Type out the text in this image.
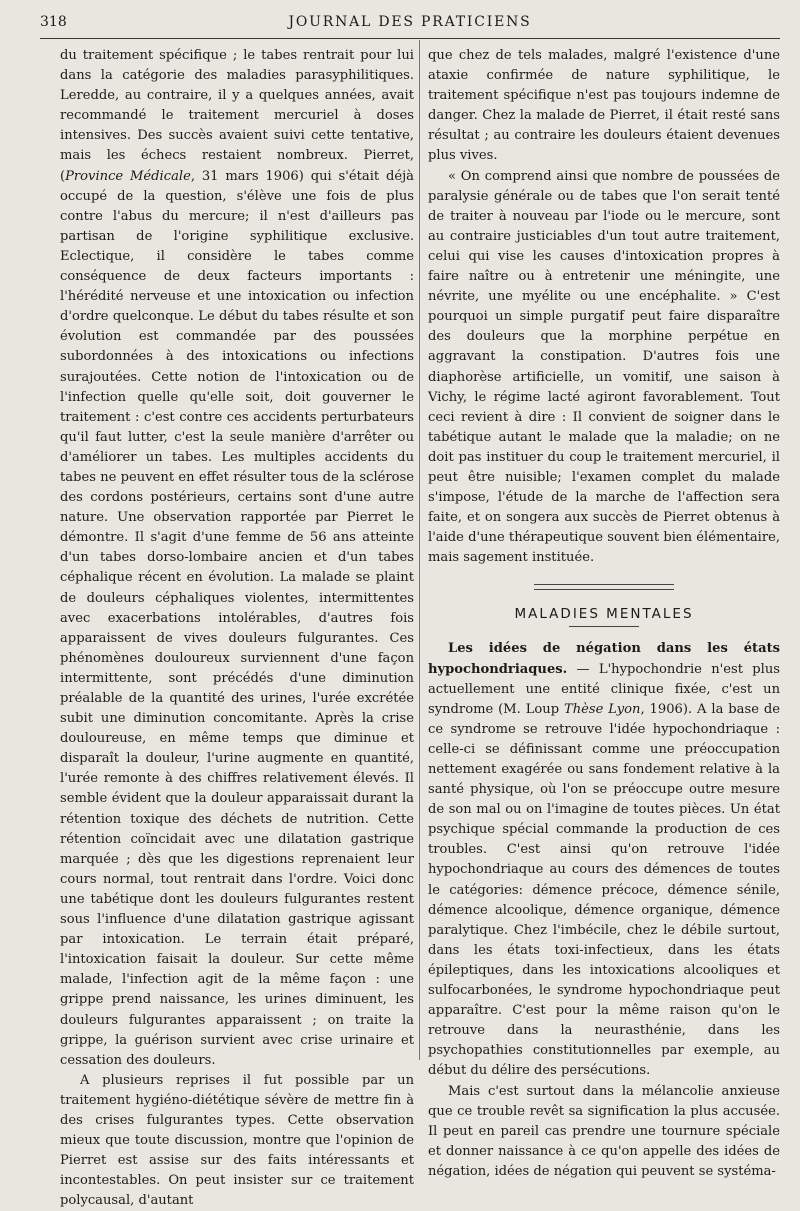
318	JOURNAL DES PRATICIENS

du traitement spécifique ; le tabes rentrait pour lui dans la catégorie des maladies parasyphilitiques. Leredde, au contraire, il y a quelques années, avait recommandé le traitement mercuriel à doses intensives. Des succès avaient suivi cette tentative, mais les échecs restaient nombreux. Pierret, (Province Médicale, 31 mars 1906) qui s'était déjà occupé de la question, s'élève une fois de plus contre l'abus du mercure; il n'est d'ailleurs pas partisan de l'origine syphilitique exclusive. Eclectique, il considère le tabes comme conséquence de deux facteurs importants : l'hérédité nerveuse et une intoxication ou infection d'ordre quelconque. Le début du tabes résulte et son évolution est commandée par des poussées subordonnées à des intoxications ou infections surajoutées. Cette notion de l'intoxication ou de l'infection quelle qu'elle soit, doit gouverner le traitement : c'est contre ces accidents perturbateurs qu'il faut lutter, c'est la seule manière d'arrêter ou d'améliorer un tabes. Les multiples accidents du tabes ne peuvent en effet résulter tous de la sclérose des cordons postérieurs, certains sont d'une autre nature. Une observation rapportée par Pierret le démontre. Il s'agit d'une femme de 56 ans atteinte d'un tabes dorso-lombaire ancien et d'un tabes céphalique récent en évolution. La malade se plaint de douleurs céphaliques violentes, intermittentes avec exacerbations intolérables, d'autres fois apparaissent de vives douleurs fulgurantes. Ces phénomènes douloureux surviennent d'une façon intermittente, sont précédés d'une diminution préalable de la quantité des urines, l'urée excrétée subit une diminution concomitante. Après la crise douloureuse, en même temps que diminue et disparaît la douleur, l'urine augmente en quantité, l'urée remonte à des chiffres relativement élevés. Il semble évident que la douleur apparaissait durant la rétention toxique des déchets de nutrition. Cette rétention coïncidait avec une dilatation gastrique marquée ; dès que les digestions reprenaient leur cours normal, tout rentrait dans l'ordre. Voici donc une tabétique dont les douleurs fulgurantes restent sous l'influence d'une dilatation gastrique agissant par intoxication. Le terrain était préparé, l'intoxication faisait la douleur. Sur cette même malade, l'infection agit de la même façon : une grippe prend naissance, les urines diminuent, les douleurs fulgurantes apparaissent ; on traite la grippe, la guérison survient avec crise urinaire et cessation des douleurs.

A plusieurs reprises il fut possible par un traitement hygiéno-diététique sévère de mettre fin à des crises fulgurantes types. Cette observation mieux que toute discussion, montre que l'opinion de Pierret est assise sur des faits intéressants et incontestables. On peut insister sur ce traitement polycausal, d'autant

que chez de tels malades, malgré l'existence d'une ataxie confirmée de nature syphilitique, le traitement spécifique n'est pas toujours indemne de danger. Chez la malade de Pierret, il était resté sans résultat ; au contraire les douleurs étaient devenues plus vives.

« On comprend ainsi que nombre de poussées de paralysie générale ou de tabes que l'on serait tenté de traiter à nouveau par l'iode ou le mercure, sont au contraire justiciables d'un tout autre traitement, celui qui vise les causes d'intoxication propres à faire naître ou à entretenir une méningite, une névrite, une myélite ou une encéphalite. » C'est pourquoi un simple purgatif peut faire disparaître des douleurs que la morphine perpétue en aggravant la constipation. D'autres fois une diaphorèse artificielle, un vomitif, une saison à Vichy, le régime lacté agiront favorablement. Tout ceci revient à dire : Il convient de soigner dans le tabétique autant le malade que la maladie; on ne doit pas instituer du coup le traitement mercuriel, il peut être nuisible; l'examen complet du malade s'impose, l'étude de la marche de l'affection sera faite, et on songera aux succès de Pierret obtenus à l'aide d'une thérapeutique souvent bien élémentaire, mais sagement instituée.

MALADIES MENTALES

Les idées de négation dans les états hypochondriaques. — L'hypochondrie n'est plus actuellement une entité clinique fixée, c'est un syndrome (M. Loup Thèse Lyon, 1906). A la base de ce syndrome se retrouve l'idée hypochondriaque : celle-ci se définissant comme une préoccupation nettement exagérée ou sans fondement relative à la santé physique, où l'on se préoccupe outre mesure de son mal ou on l'imagine de toutes pièces. Un état psychique spécial commande la production de ces troubles. C'est ainsi qu'on retrouve l'idée hypochondriaque au cours des démences de toutes le catégories: démence précoce, démence sénile, démence alcoolique, démence organique, démence paralytique. Chez l'imbécile, chez le débile surtout, dans les états toxi-infectieux, dans les états épileptiques, dans les intoxications alcooliques et sulfocarbonées, le syndrome hypochondriaque peut apparaître. C'est pour la même raison qu'on le retrouve dans la neurasthénie, dans les psychopathies constitutionnelles par exemple, au début du délire des persécutions.

Mais c'est surtout dans la mélancolie anxieuse que ce trouble revêt sa signification la plus accusée. Il peut en pareil cas prendre une tournure spéciale et donner naissance à ce qu'on appelle des idées de négation, idées de négation qui peuvent se systéma-
